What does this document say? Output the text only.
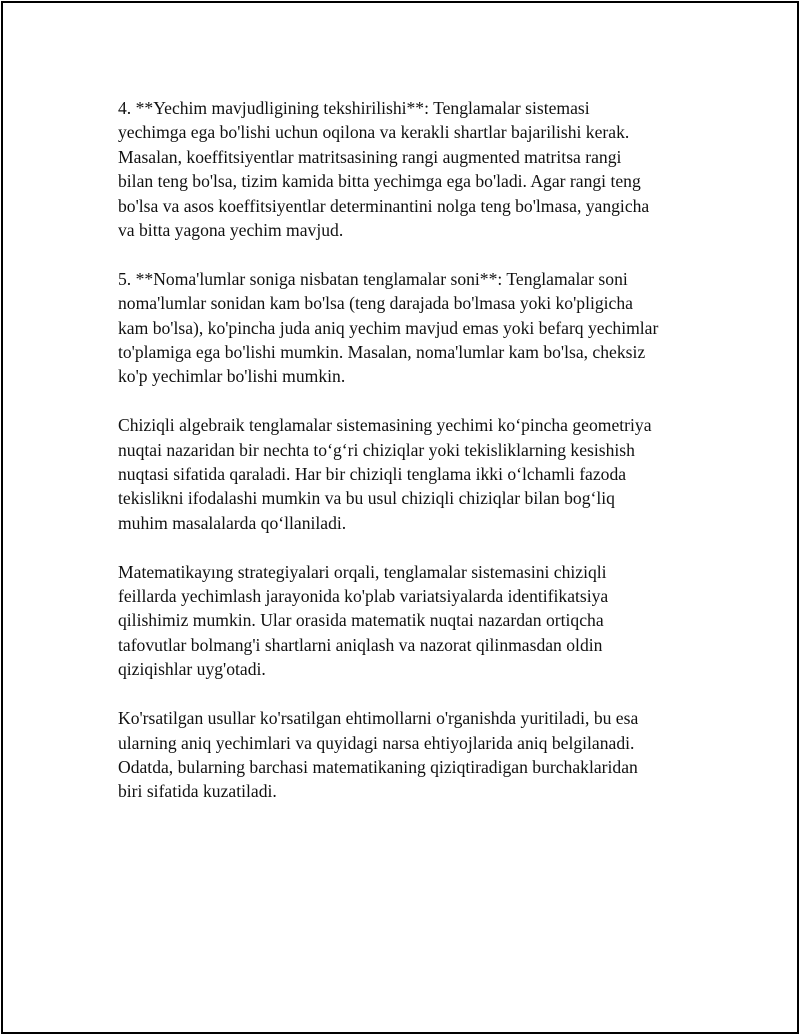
4. **Yechim mavjudligining tekshirilishi**: Tenglamalar sistemasi
yechimga ega bo'lishi uchun oqilona va kerakli shartlar bajarilishi kerak.
Masalan, koeffitsiyentlar matritsasining rangi augmented matritsa rangi
bilan teng bo'lsa, tizim kamida bitta yechimga ega bo'ladi. Agar rangi teng
bo'lsa va asos koeffitsiyentlar determinantini nolga teng bo'lmasa, yangicha
va bitta yagona yechim mavjud.

5. **Noma'lumlar soniga nisbatan tenglamalar soni**: Tenglamalar soni
noma'lumlar sonidan kam bo'lsa (teng darajada bo'lmasa yoki ko'pligicha
kam bo'lsa), ko'pincha juda aniq yechim mavjud emas yoki befarq yechimlar
to'plamiga ega bo'lishi mumkin. Masalan, noma'lumlar kam bo'lsa, cheksiz
ko'p yechimlar bo'lishi mumkin.

Chiziqli algebraik tenglamalar sistemasining yechimi ko‘pincha geometriya
nuqtai nazaridan bir nechta to‘g‘ri chiziqlar yoki tekisliklarning kesishish
nuqtasi sifatida qaraladi. Har bir chiziqli tenglama ikki o‘lchamli fazoda
tekislikni ifodalashi mumkin va bu usul chiziqli chiziqlar bilan bog‘liq
muhim masalalarda qo‘llaniladi.

Matematikayıng strategiyalari orqali, tenglamalar sistemasini chiziqli
feillarda yechimlash jarayonida ko'plab variatsiyalarda identifikatsiya
qilishimiz mumkin. Ular orasida matematik nuqtai nazardan ortiqcha
tafovutlar bolmang'i shartlarni aniqlash va nazorat qilinmasdan oldin
qiziqishlar uyg'otadi.

Ko'rsatilgan usullar ko'rsatilgan ehtimollarni o'rganishda yuritiladi, bu esa
ularning aniq yechimlari va quyidagi narsa ehtiyojlarida aniq belgilanadi.
Odatda, bularning barchasi matematikaning qiziqtiradigan burchaklaridan
biri sifatida kuzatiladi.
